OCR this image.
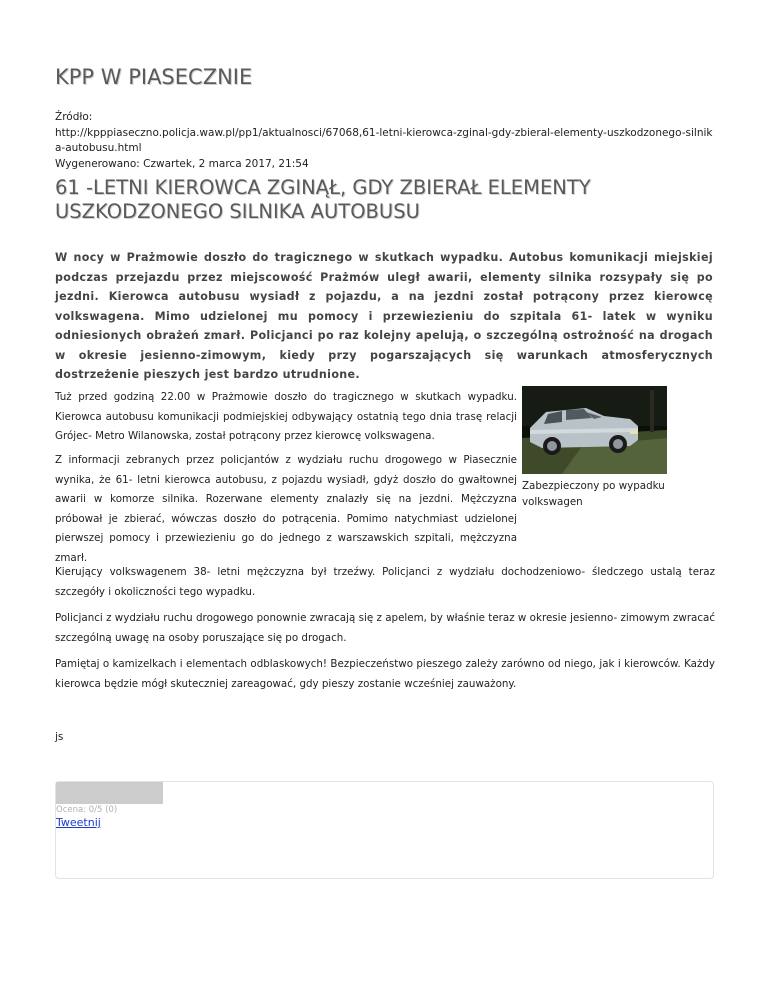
KPP W PIASECZNIE
Źródło:
http://kpppiaseczno.policja.waw.pl/pp1/aktualnosci/67068,61-letni-kierowca-zginal-gdy-zbieral-elementy-uszkodzonego-silnik
a-autobusu.html
Wygenerowano: Czwartek, 2 marca 2017, 21:54
61 -LETNI KIEROWCA ZGINĄŁ, GDY ZBIERAŁ ELEMENTY USZKODZONEGO SILNIKA AUTOBUSU

W nocy w Prażmowie doszło do tragicznego w skutkach wypadku. Autobus komunikacji miejskiej podczas przejazdu przez miejscowość Prażmów uległ awarii, elementy silnika rozsypały się po jezdni. Kierowca autobusu wysiadł z pojazdu, a na jezdni został potrącony przez kierowcę volkswagena. Mimo udzielonej mu pomocy i przewiezieniu do szpitala 61- latek w wyniku odniesionych obrażeń zmarł. Policjanci po raz kolejny apelują, o szczególną ostrożność na drogach w okresie jesienno-zimowym, kiedy przy pogarszających się warunkach atmosferycznych dostrzeżenie pieszych jest bardzo utrudnione.

Tuż przed godziną 22.00 w Prażmowie doszło do tragicznego w skutkach wypadku. Kierowca autobusu komunikacji podmiejskiej odbywający ostatnią tego dnia trasę relacji Grójec- Metro Wilanowska, został potrącony przez kierowcę volkswagena.

Zabezpieczony po wypadku volkswagen

Z informacji zebranych przez policjantów z wydziału ruchu drogowego w Piasecznie wynika, że 61- letni kierowca autobusu, z pojazdu wysiadł, gdyż doszło do gwałtownej awarii w komorze silnika. Rozerwane elementy znalazły się na jezdni. Mężczyzna próbował je zbierać, wówczas doszło do potrącenia. Pomimo natychmiast udzielonej pierwszej pomocy i przewiezieniu go do jednego z warszawskich szpitali, mężczyzna zmarł.

Kierujący volkswagenem 38- letni mężczyzna był trzeźwy. Policjanci z wydziału dochodzeniowo- śledczego ustalą teraz szczegóły i okoliczności tego wypadku.

Policjanci z wydziału ruchu drogowego ponownie zwracają się z apelem, by właśnie teraz w okresie jesienno- zimowym zwracać szczególną uwagę na osoby poruszające się po drogach.

Pamiętaj o kamizelkach i elementach odblaskowych! Bezpieczeństwo pieszego zależy zarówno od niego, jak i kierowców. Każdy kierowca będzie mógł skuteczniej zareagować, gdy pieszy zostanie wcześniej zauważony.

js

Ocena: 0/5 (0)
Tweetnij
